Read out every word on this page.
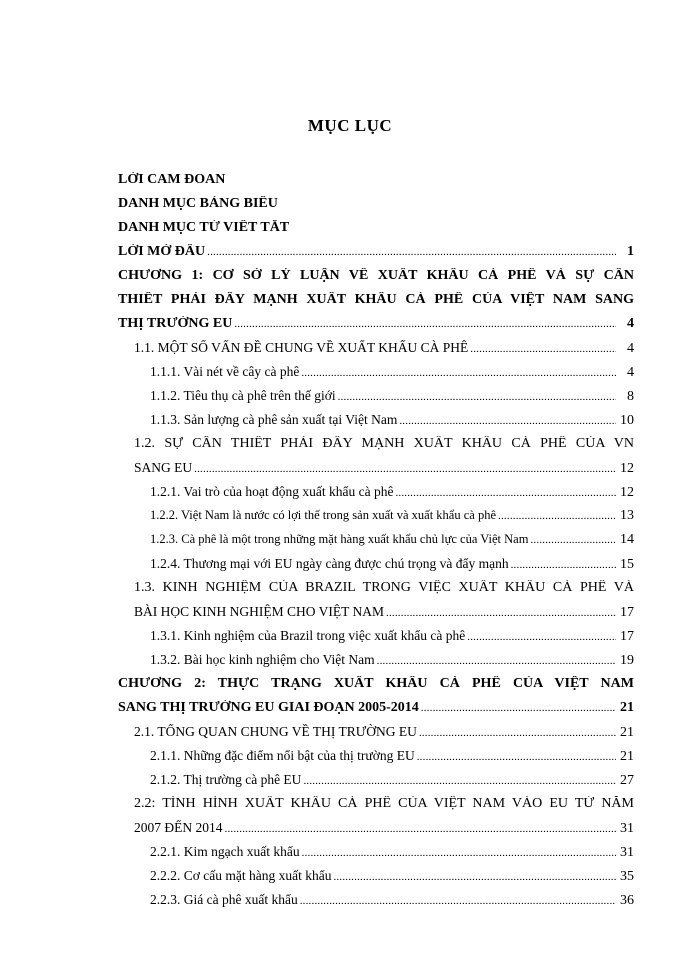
MỤC LỤC
LỜI CAM ĐOAN
DANH MỤC BẢNG BIỂU
DANH MỤC TỪ VIẾT TẮT
LỜI MỞ ĐẦU .....	1
CHƯƠNG 1: CƠ SỞ LÝ LUẬN VỀ XUẤT KHẨU CÀ PHÊ VÀ SỰ CẦN
THIẾT PHẢI ĐẨY MẠNH XUẤT KHẨU CÀ PHÊ CỦA VIỆT NAM SANG
THỊ TRƯỜNG EU .....	4
1.1. MỘT SỐ VẤN ĐỀ CHUNG VỀ XUẤT KHẨU CÀ PHÊ .....	4
1.1.1. Vài nét về cây cà phê .....	4
1.1.2. Tiêu thụ cà phê trên thế giới .....	8
1.1.3. Sản lượng cà phê sản xuất tại Việt Nam .....	10
1.2. SỰ CẦN THIẾT PHẢI ĐẨY MẠNH XUẤT KHẨU CÀ PHÊ CỦA VN
SANG EU .....	12
1.2.1. Vai trò của hoạt động xuất khẩu cà phê .....	12
1.2.2. Việt Nam là nước có lợi thế trong sản xuất và xuất khẩu cà phê .....	13
1.2.3. Cà phê là một trong những mặt hàng xuất khẩu chủ lực của Việt Nam .....	14
1.2.4. Thương mại với EU ngày càng được chú trọng và đẩy mạnh .....	15
1.3. KINH NGHIỆM CỦA BRAZIL TRONG VIỆC XUẤT KHẨU CÀ PHÊ VÀ
BÀI HỌC KINH NGHIỆM CHO VIỆT NAM .....	17
1.3.1. Kinh nghiệm của Brazil trong việc xuất khẩu cà phê .....	17
1.3.2. Bài học kinh nghiệm cho Việt Nam .....	19
CHƯƠNG 2: THỰC TRẠNG XUẤT KHẨU CÀ PHÊ CỦA VIỆT NAM
SANG THỊ TRƯỜNG EU GIAI ĐOẠN 2005-2014 .....	21
2.1. TỔNG QUAN CHUNG VỀ THỊ TRƯỜNG EU .....	21
2.1.1. Những đặc điểm nổi bật của thị trường EU .....	21
2.1.2. Thị trường cà phê EU .....	27
2.2: TÌNH HÌNH XUẤT KHẨU CÀ PHÊ CỦA VIỆT NAM VÀO EU TỪ NĂM
2007 ĐẾN 2014 .....	31
2.2.1. Kim ngạch xuất khẩu .....	31
2.2.2. Cơ cấu mặt hàng xuất khẩu .....	35
2.2.3. Giá cà phê xuất khẩu .....	36
